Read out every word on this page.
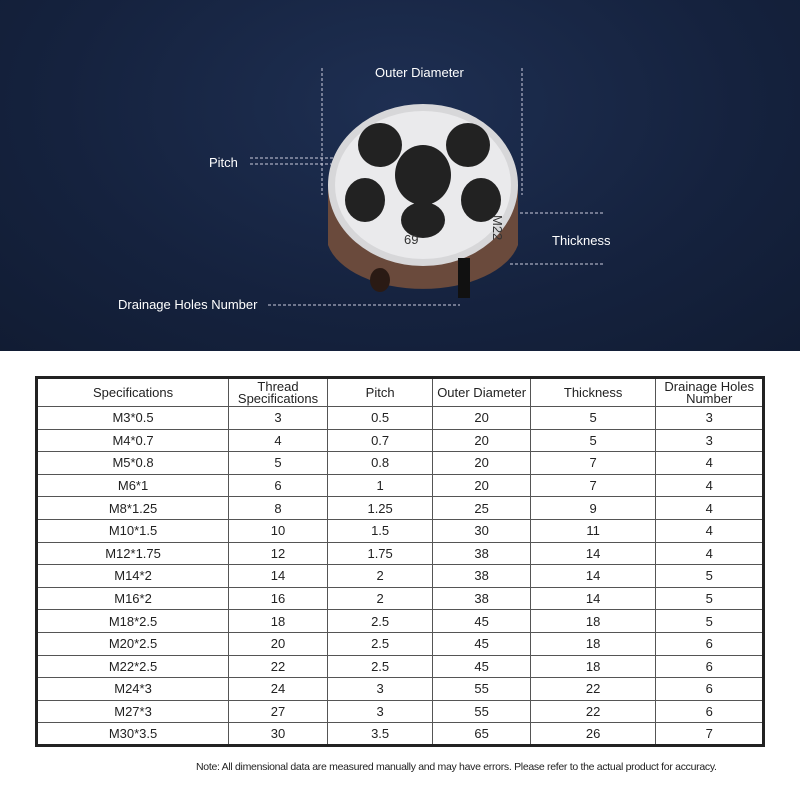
M22
69
Outer Diameter
Pitch
Thickness
Drainage Holes Number
Specifications	Thread Specifications	Pitch	Outer Diameter	Thickness	Drainage Holes Number
M3*0.5	3	0.5	20	5	3
M4*0.7	4	0.7	20	5	3
M5*0.8	5	0.8	20	7	4
M6*1	6	1	20	7	4
M8*1.25	8	1.25	25	9	4
M10*1.5	10	1.5	30	11	4
M12*1.75	12	1.75	38	14	4
M14*2	14	2	38	14	5
M16*2	16	2	38	14	5
M18*2.5	18	2.5	45	18	5
M20*2.5	20	2.5	45	18	6
M22*2.5	22	2.5	45	18	6
M24*3	24	3	55	22	6
M27*3	27	3	55	22	6
M30*3.5	30	3.5	65	26	7
Note: All dimensional data are measured manually and may have errors. Please refer to the actual product for accuracy.
